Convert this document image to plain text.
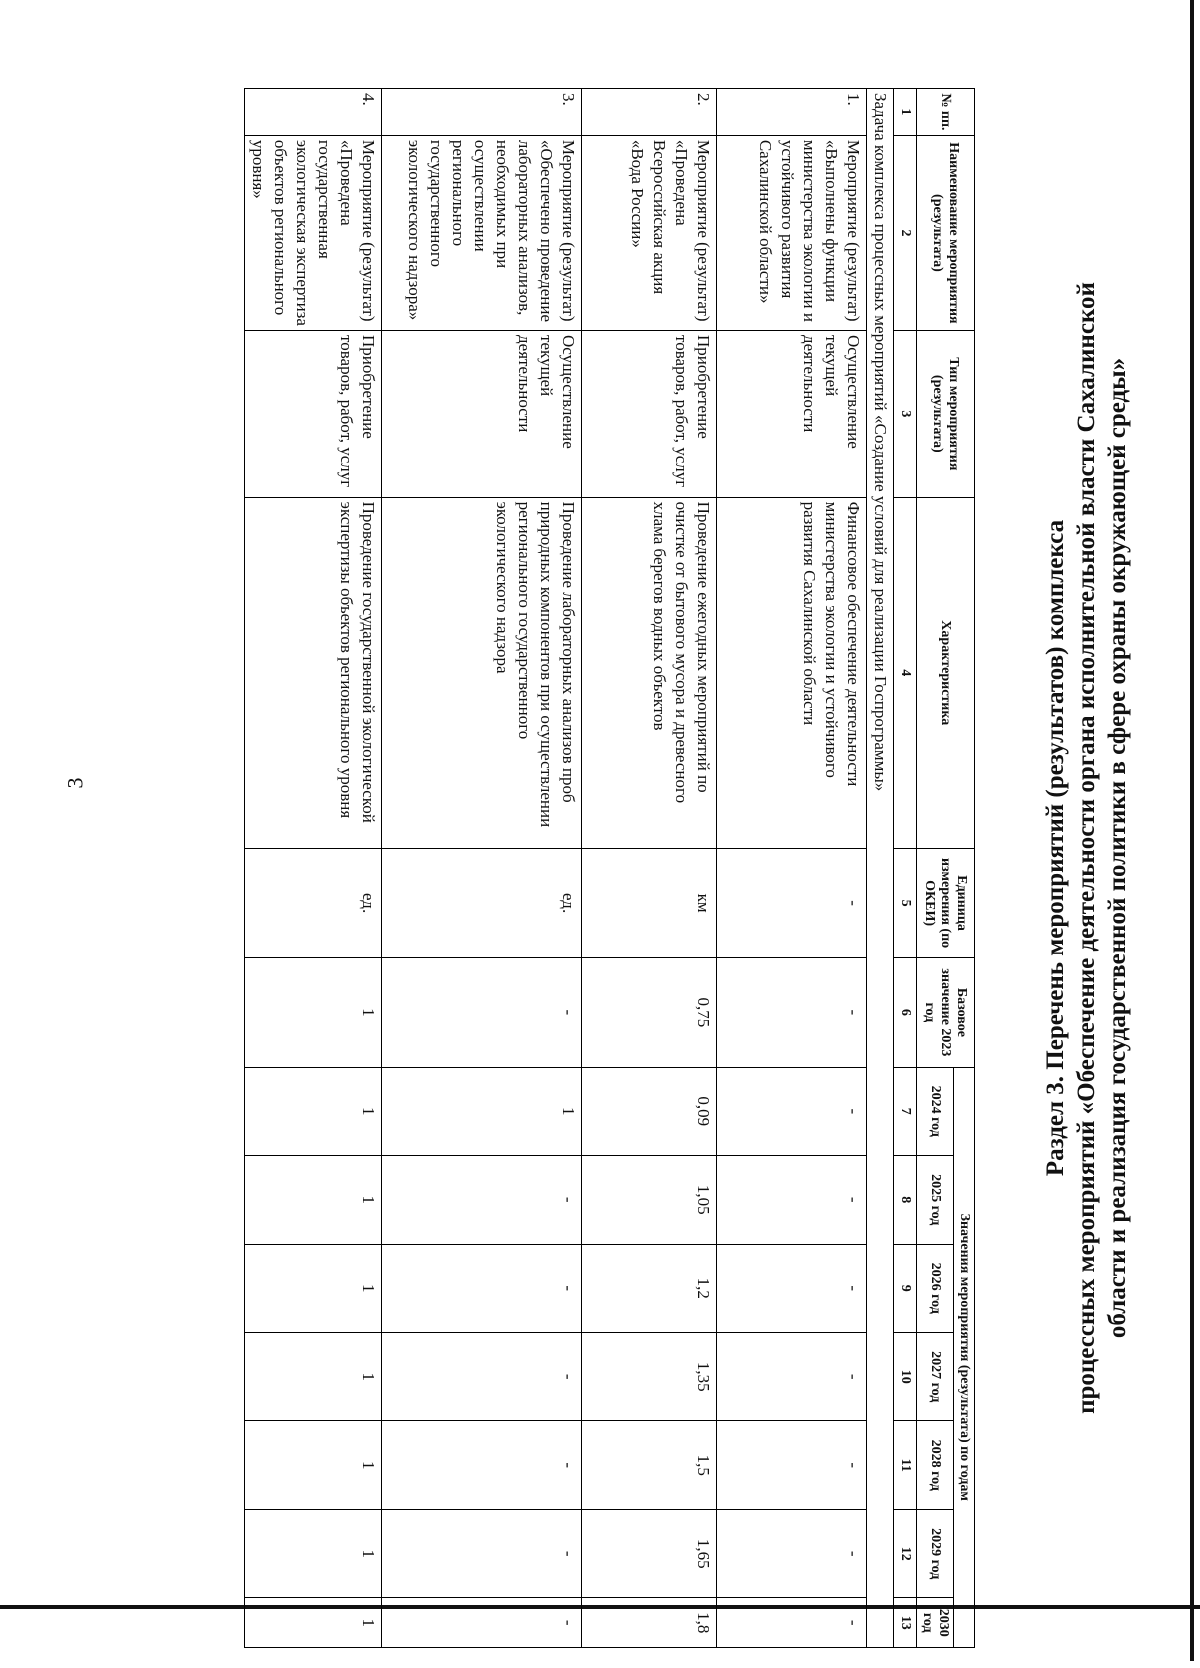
3	Раздел 3. Перечень мероприятий (результатов) комплекса процессных мероприятий «Обеспечение деятельности органа исполнительной власти Сахалинской области и реализация государственной политики в сфере охраны окружающей среды»
№ пп.	Наименование мероприятия (результата)	Тип мероприятия (результата)	Характеристика	Единица измерения (по ОКЕИ)	Базовое значение 2023 год	Значения мероприятия (результата) по годам						
						2024 год	2025 год	2026 год	2027 год	2028 год	2029 год	2030 год
1	2	3	4	5	6	7	8	9	10	11	12	13
Задача комплекса процессных мероприятий «Создание условий для реализации Госпрограммы»												
1.	Мероприятие (результат) «Выполнены функции министерства экологии и устойчивого развития Сахалинской области»	Осуществление текущей деятельности	Финансовое обеспечение деятельности министерства экологии и устойчивого развития Сахалинской области	-	-	-	-	-	-	-	-	-
2.	Мероприятие (результат) «Проведена Всероссийская акция «Вода России»	Приобретение товаров, работ, услуг	Проведение ежегодных мероприятий по очистке от бытового мусора и древесного хлама берегов водных объектов	км	0,75	0,09	1,05	1,2	1,35	1,5	1,65	1,8
3.	Мероприятие (результат) «Обеспечено проведение лабораторных анализов, необходимых при осуществлении регионального государственного экологического надзора»	Осуществление текущей деятельности	Проведение лабораторных анализов проб природных компонентов при осуществлении регионального государственного экологического надзора	ед.	-	1	-	-	-	-	-	-
4.	Мероприятие (результат) «Проведена государственная экологическая экспертиза объектов регионального уровня»	Приобретение товаров, работ, услуг	Проведение государственной экологической экспертизы объектов регионального уровня	ед.	1	1	1	1	1	1	1	1
